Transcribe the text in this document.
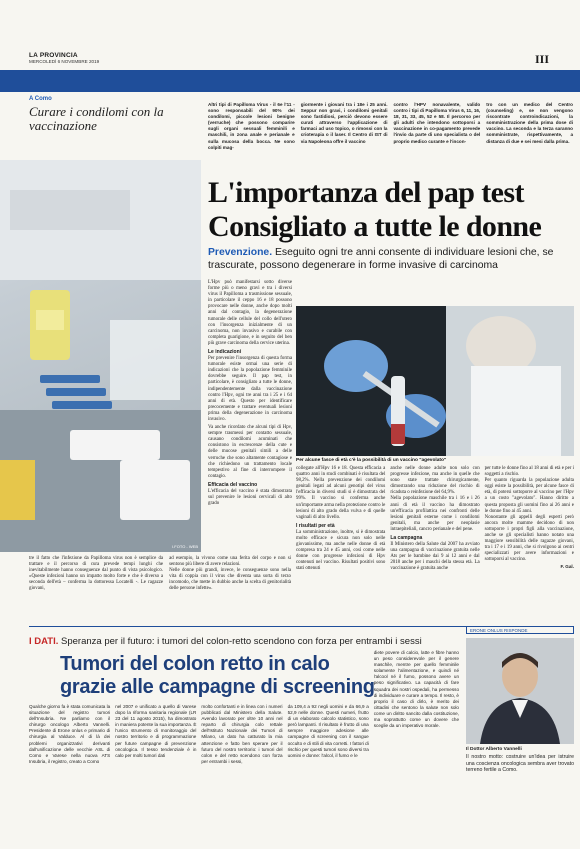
LA PROVINCIA
MERCOLEDÌ 6 NOVEMBRE 2019	III
A Como
Curare i condilomi con la vaccinazione

Altri tipi di Papilloma Virus - il 6e l'11 - sono responsabili del 90% dei condilomi, piccole lesioni benigne (verruche) che possono comparire sugli organi sessuali femminili e maschili, in zona anale e perianale e sulla mucosa della bocca. Ne sono colpiti mag-

giormente i giovani tra i 18e i 25 anni. Seppur non gravi, i condilomi genitali sono fastidiosi, perciò devono essere curati attraverso l'applicazione di farmaci ad uso topico, o rimossi con la crioterapia o il laser. Il Centro di IST di via Napoleona offre il vaccino

contro l'HPV nonavalente, valido contro i tipi di Papilloma Virus 6, 11, 16, 18, 31, 33, 45, 52 e 58. Il percorso per gli adulti che intendono sottoporsi a vaccinazione in co-pagamento prevede l'invio da parte di uno specialista o del proprio medico curante e l'incon-

tro con un medico del Centro (counseling) e, se non vengono riscontrate controindicazioni, la somministrazione della prima dose di vaccino. La seconda e la terza saranno somministrate, rispettivamente, a distanza di due e sei mesi dalla prima.

I.FOTO - WEB
L'importanza del pap test
Consigliato a tutte le donne
Prevenzione. Eseguito ogni tre anni consente di individuare lesioni che, se trascurate, possono degenerare in forme invasive di carcinoma

L'Hpv può manifestarsi sotto diverse forme più o meno gravi e tra i diversi virus il Papilloma a trasmissione sessuale, in particolare il ceppo 16 e 18 possono provocare nelle donne, anche dopo molti anni dal contagio, la degenerazione tumorale delle cellule del collo dell'utero con l'insorgenza inizialmente di un carcinoma, non invasivo e curabile con completa guarigione, e in seguito del ben più grave carcinoma della cervice uterina.

Le indicazioni

Per prevenire l'insorgenza di questa forma tumorale esiste ormai una serie di indicazioni che la popolazione femminile dovrebbe seguire. Il pap test, in particolare, è consigliato a tutte le donne, indipendentemente dalla vaccinazione contro l'Hpv, ogni tre anni tra i 25 e i 64 anni di età. Questo per identificare precocemente e trattare eventuali lesioni prima della degenerazione in carcinoma invasivo.

Va anche ricordato che alcuni tipi di Hpv, sempre trasmessi per contatto sessuale, causano condilomi acuminati che consistono in escrescenze della cute e delle mucose genitali simili a delle verruche che sono altamente contagiose e che richiedono un trattamento locale tempestivo al fine di interrompere il contagio.

Efficacia del vaccino

L'efficacia del vaccino è stata dimostrata sul prevenire le lesioni cervicali di alto grado

Per alcune fasce di età c'è la possibilità di un vaccino "agevolato"

collegate all'Hpv 16 e 18. Questa efficacia a quattro anni in studi combinati è risultata del 98,2%. Nella prevenzione dei condilomi genitali legati ad alcuni genotipi del virus l'efficacia in diversi studi si è dimostrata del 99%. Il vaccino si conferma anche un'importante arma nella protezione contro le lesioni di alto grado della vulva e di quelle vaginali di alto livello.

I risultati per età

La somministrazione, inoltre, si è dimostrata molto efficace e sicura non solo nelle giovanissime, ma anche nelle donne di età compresa tra 24 e 45 anni, così come nelle donne con progresse infezioni di Hpv contenuti nel vaccino. Risultati positivi sono stati ottenuti

anche nelle donne adulte non solo con progresse infezione, ma anche in quelle che sono state trattate chirurgicamente, dimostrando una riduzione del rischio di ricaduta o reinfezione del 64,9%.

Nella popolazione maschile tra i 16 e i 26 anni di età il vaccino ha dimostrato un'efficacia profilattica nei confronti delle lesioni genitali esterne come i condilomi genitali, ma anche per neoplasie intraepiteliali, cancro perianale e del pene.

La campagna

Il Ministero della Salute dal 2007 ha avviato una campagna di vaccinazione gratuita nelle Ats per le bambine dai 9 ai 12 anni e dal 2018 anche per i maschi della stessa età. La vaccinazione è gratuita anche

per tutte le donne fino al 18 anni di età e per i soggetti a rischio.

Per quanto riguarda la popolazione adulta oggi esiste la possibilità, per alcune fasce di età, di potersi sottoporre al vaccino per l'Hpv a un costo "agevolato". Hanno diritto a questa proposta gli uomini fino ai 26 anni e le donne fino ai 45 anni.

Nonostante gli appelli degli esperti però ancora molte mamme decidono di non sottoporre i propri figli alla vaccinazione, anche se gli specialisti hanno notato una maggiore sensibilità delle ragazze giovani, tra i 17 e i 19 anni, che si rivolgono ai centri specializzati per avere informazioni e sottoporsi al vaccino.

F. Gal.

tre il fatto che l'infezione da Papilloma virus non è semplice da trattare e il percorso di cura prevede tempi lunghi che inevitabilmente hanno conseguenze dal punto di vista psicologico. «Queste infezioni hanno un impatto molto forte e che è diverso a seconda dell'età – conferma la dottoressa Locatelli -. Le ragazze giovani,

ad esempio, la vivono come una ferita del corpo e non si sentono più libere di avere relazioni.

Nelle donne più grandi, invece, le conseguenze sono nella vita di coppia con il virus che diventa una sorta di terzo incomodo, che mette in dubbio anche la scelta di genitorialità delle persone infette».

ERONE ONLUS RISPONDE
I DATI. Speranza per il futuro: i tumori del colon-retto scendono con forza per entrambi i sessi
Tumori del colon retto in calo
grazie alle campagne di screening

Qualche giorno fa è stata comunicata la situazione del registro tumori dell'Insubria. Ne parliamo con il chirurgo oncologo Alberto Vannelli. Presidente di Erone onlus e primario di chirurgia al Valduce. Al di là dei problemi organizzativi derivanti dall'unificazione delle vecchie ASL di Como e Varese nella nuova ATS Insubria, il registro, creato a Como

nel 2007 e unificato a quello di Varese dopo la riforma sanitaria regionale (LR 23 del 11 agosto 2015), ha dimostrato in maniera potente la sua importanza. È l'unico strumento di monitoraggio del nostro territorio e di programmazione per future campagne di prevenzione oncologica. Il tesso tendenziale è in calo per molti tumori dati

molto confortanti e in linea con i numeri pubblicati dal Ministero della Salute. Avendo lavorato per oltre 10 anni nel reparto di chirurgia colo rettale dell'Istituto Nazionale dei Tumori di Milano, un dato ha catturato la mia attenzione e fatto ben sperare per il futuro del nostro territorio: i tumori del colon e del retto scendono con forza per entrambi i sessi,

da 109,4 a 92 negli uomini e da 66,9 a 52,9 nelle donne. Questi numeri, frutto di un elaborato calcolo statistico, sono però lampanti. Il risultato è frutto di una sempre maggiore adesione alle campagne di screening con il sangue occulto e di stili di vita corretti. I fattori di rischio per questi tumori sono diversi tra uomini e donne: l'alcol, il fumo e le

diete povere di calcio, latte e fibre hanno un peso considerevole per il genere maschile, mentre per quello femminile solamente l'alimentazione, e quindi né l'alcool né il fumo, possono avere un peso significativo. La capacità di fare squadra dei nostri ospedali, ha permesso di individuare e curare a tempo. Il resto, è proprio il caso di dirlo, è merito dei cittadini che sentono la salute non solo come un diritto sancito dalla costituzione, ma soprattutto come un dovere che sceglie da un imperativo morale.

Il Dottor Alberto Vannelli

Il nostro motto: costruire un'idea per istruire una coscienza oncologica sembra aver trovato terreno fertile a Como.
